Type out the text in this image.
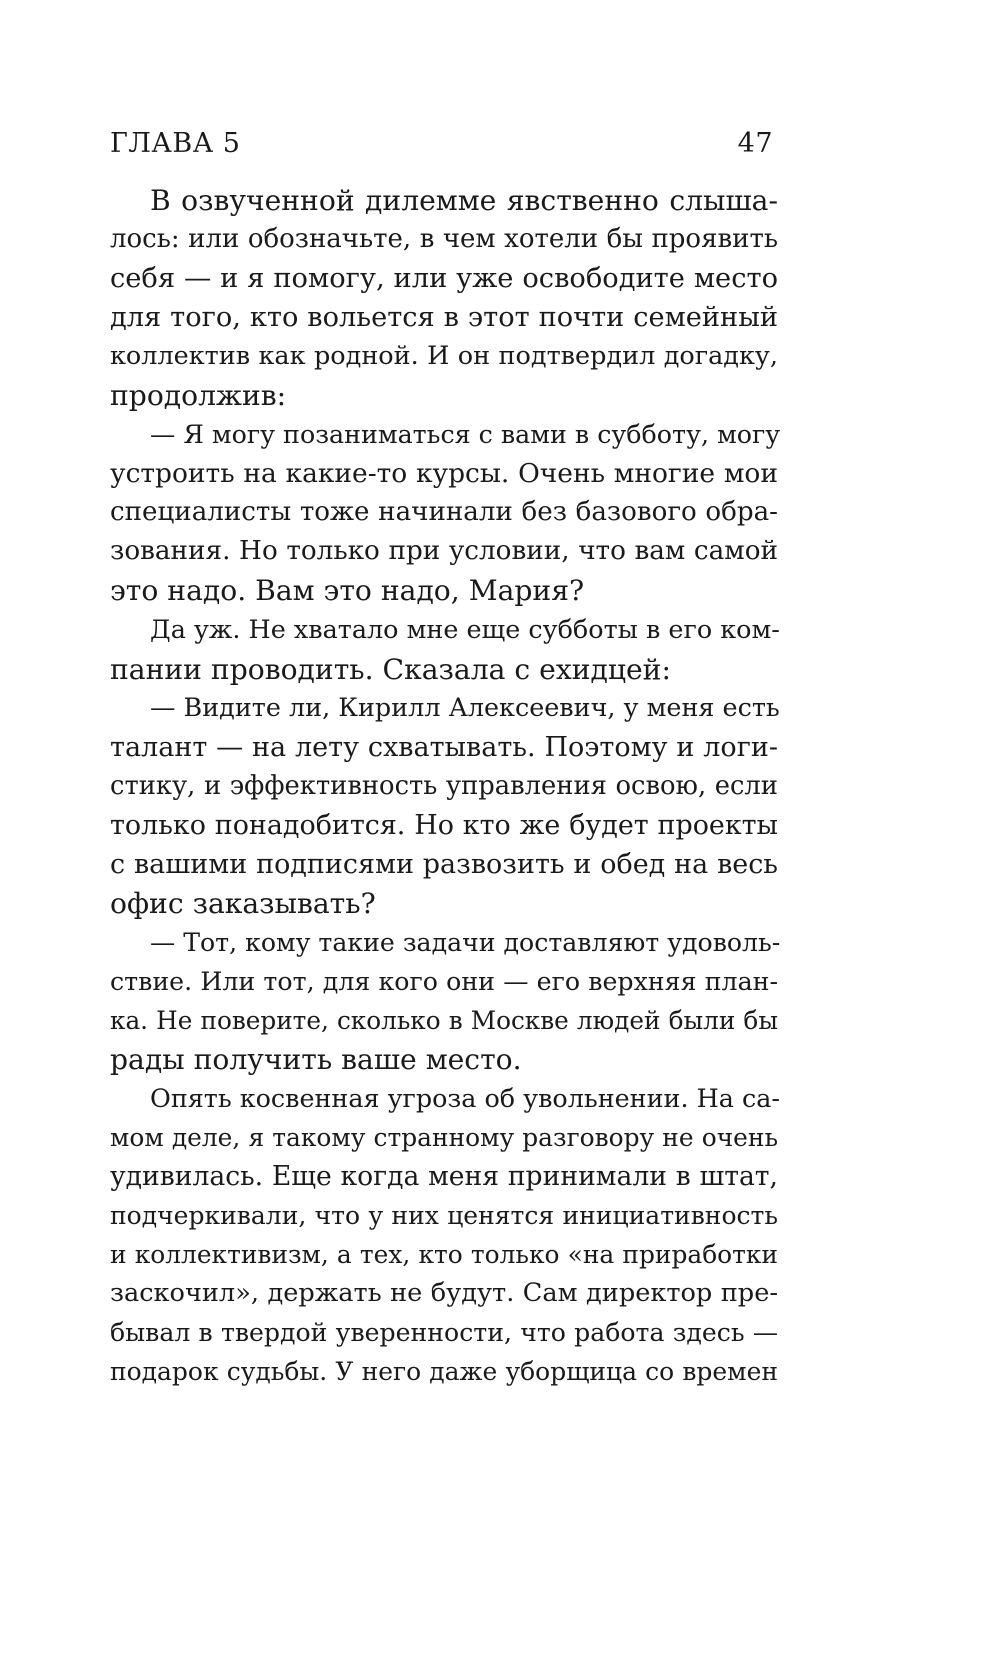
ГЛАВА 5	47
В озвученной дилемме явственно слыша-
лось: или обозначьте, в чем хотели бы проявить
себя — и я помогу, или уже освободите место
для того, кто вольется в этот почти семейный
коллектив как родной. И он подтвердил догадку,
продолжив:
— Я могу позаниматься с вами в субботу, могу
устроить на какие-то курсы. Очень многие мои
специалисты тоже начинали без базового обра-
зования. Но только при условии, что вам самой
это надо. Вам это надо, Мария?
Да уж. Не хватало мне еще субботы в его ком-
пании проводить. Сказала с ехидцей:
— Видите ли, Кирилл Алексеевич, у меня есть
талант — на лету схватывать. Поэтому и логи-
стику, и эффективность управления освою, если
только понадобится. Но кто же будет проекты
с вашими подписями развозить и обед на весь
офис заказывать?
— Тот, кому такие задачи доставляют удоволь-
ствие. Или тот, для кого они — его верхняя план-
ка. Не поверите, сколько в Москве людей были бы
рады получить ваше место.
Опять косвенная угроза об увольнении. На са-
мом деле, я такому странному разговору не очень
удивилась. Еще когда меня принимали в штат,
подчеркивали, что у них ценятся инициативность
и коллективизм, а тех, кто только «на приработки
заскочил», держать не будут. Сам директор пре-
бывал в твердой уверенности, что работа здесь —
подарок судьбы. У него даже уборщица со времен
